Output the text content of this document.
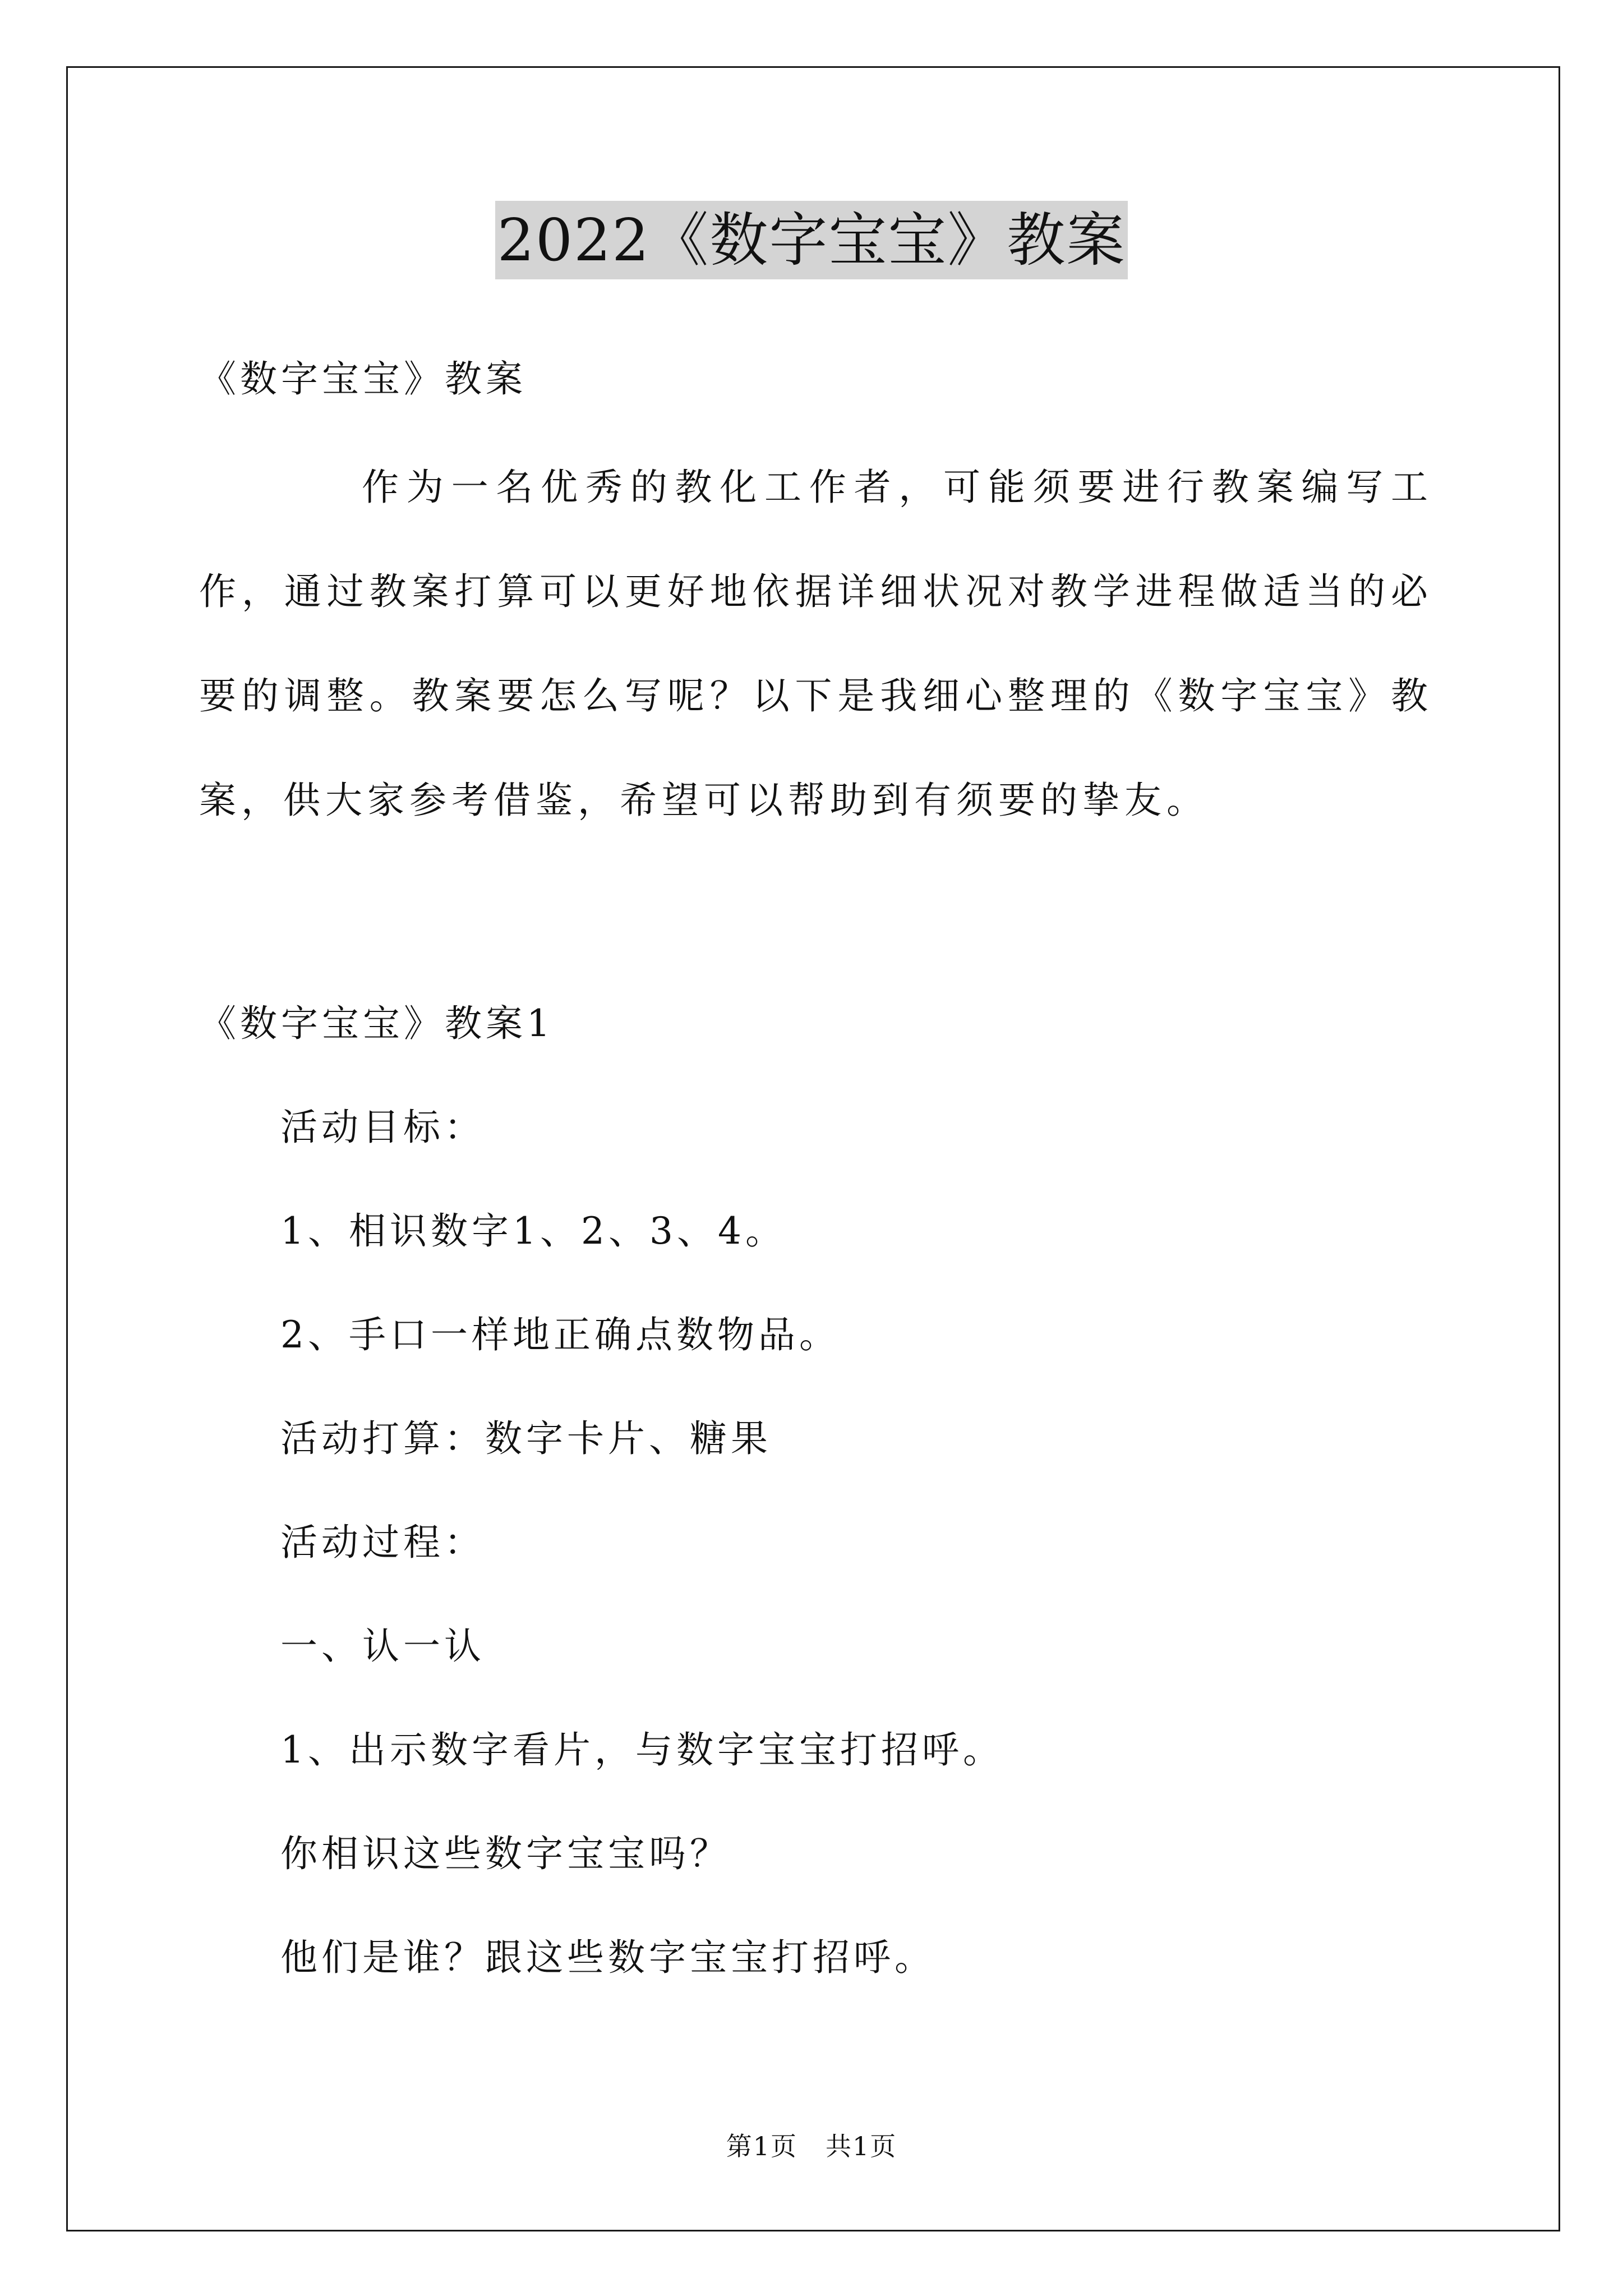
2022《数字宝宝》教案
《数字宝宝》教案

作为一名优秀的教化工作者，可能须要进行教案编写工作，通过教案打算可以更好地依据详细状况对教学进程做适当的必要的调整。教案要怎么写呢？以下是我细心整理的《数字宝宝》教案，供大家参考借鉴，希望可以帮助到有须要的挚友。

《数字宝宝》教案1
活动目标：
1、相识数字1、2、3、4。
2、手口一样地正确点数物品。
活动打算：数字卡片、糖果
活动过程：
一、认一认
1、出示数字看片，与数字宝宝打招呼。
你相识这些数字宝宝吗？
他们是谁？跟这些数字宝宝打招呼。
第1页 共1页
